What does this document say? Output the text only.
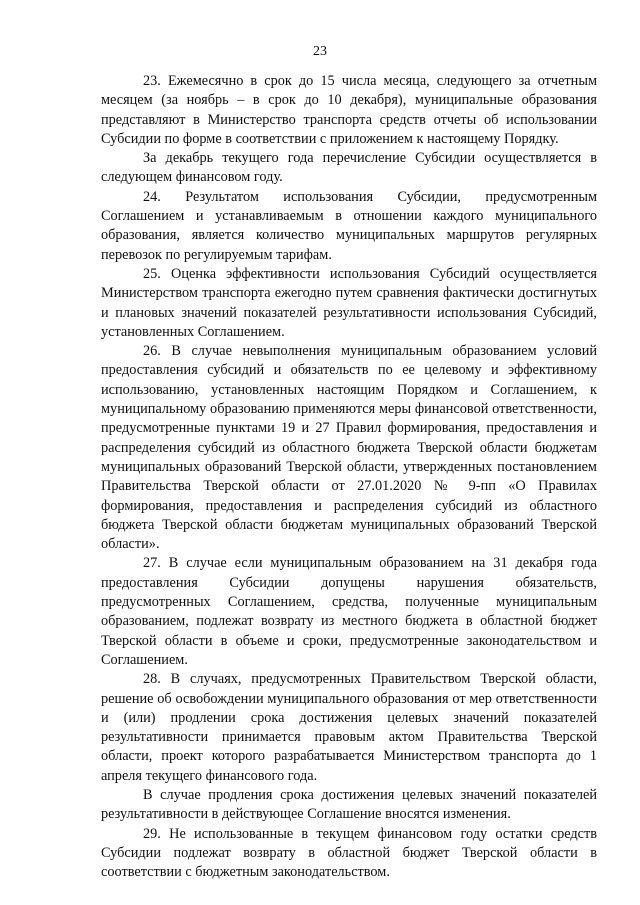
23

23. Ежемесячно в срок до 15 числа месяца, следующего за отчетным месяцем (за ноябрь – в срок до 10 декабря), муниципальные образования представляют в Министерство транспорта средств отчеты об использовании Субсидии по форме в соответствии с приложением к настоящему Порядку.

За декабрь текущего года перечисление Субсидии осуществляется в следующем финансовом году.

24. Результатом использования Субсидии, предусмотренным Соглашением и устанавливаемым в отношении каждого муниципального образования, является количество муниципальных маршрутов регулярных перевозок по регулируемым тарифам.

25. Оценка эффективности использования Субсидий осуществляется Министерством транспорта ежегодно путем сравнения фактически достигнутых и плановых значений показателей результативности использования Субсидий, установленных Соглашением.

26. В случае невыполнения муниципальным образованием условий предоставления субсидий и обязательств по ее целевому и эффективному использованию, установленных настоящим Порядком и Соглашением, к муниципальному образованию применяются меры финансовой ответственности, предусмотренные пунктами 19 и 27 Правил формирования, предоставления и распределения субсидий из областного бюджета Тверской области бюджетам муниципальных образований Тверской области, утвержденных постановлением Правительства Тверской области от 27.01.2020 № 9-пп «О Правилах формирования, предоставления и распределения субсидий из областного бюджета Тверской области бюджетам муниципальных образований Тверской области».

27. В случае если муниципальным образованием на 31 декабря года предоставления Субсидии допущены нарушения обязательств, предусмотренных Соглашением, средства, полученные муниципальным образованием, подлежат возврату из местного бюджета в областной бюджет Тверской области в объеме и сроки, предусмотренные законодательством и Соглашением.

28. В случаях, предусмотренных Правительством Тверской области, решение об освобождении муниципального образования от мер ответственности и (или) продлении срока достижения целевых значений показателей результативности принимается правовым актом Правительства Тверской области, проект которого разрабатывается Министерством транспорта до 1 апреля текущего финансового года.

В случае продления срока достижения целевых значений показателей результативности в действующее Соглашение вносятся изменения.

29. Не использованные в текущем финансовом году остатки средств Субсидии подлежат возврату в областной бюджет Тверской области в соответствии с бюджетным законодательством.
